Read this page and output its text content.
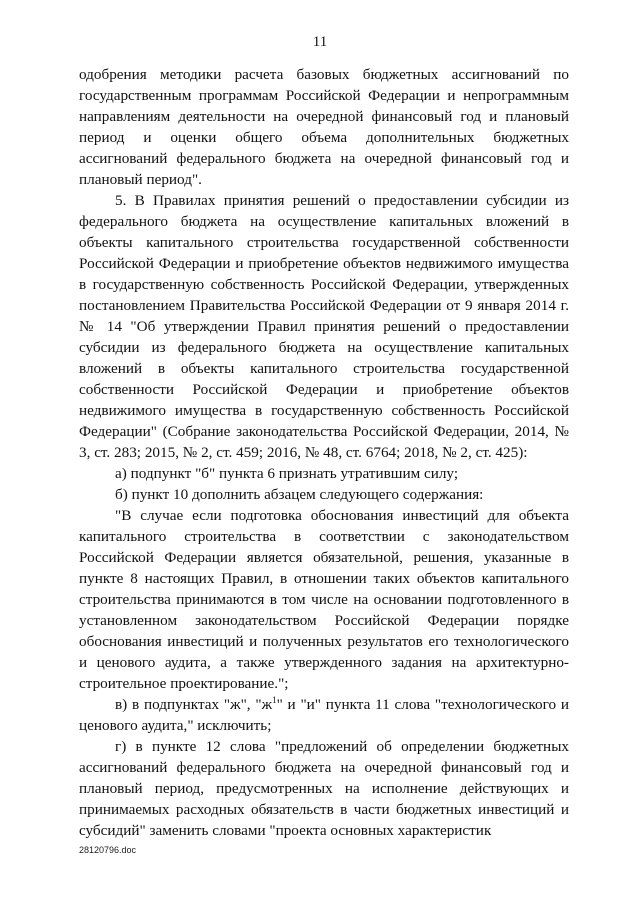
11

одобрения методики расчета базовых бюджетных ассигнований по государственным программам Российской Федерации и непрограммным направлениям деятельности на очередной финансовый год и плановый период и оценки общего объема дополнительных бюджетных ассигнований федерального бюджета на очередной финансовый год и плановый период".

5. В Правилах принятия решений о предоставлении субсидии из федерального бюджета на осуществление капитальных вложений в объекты капитального строительства государственной собственности Российской Федерации и приобретение объектов недвижимого имущества в государственную собственность Российской Федерации, утвержденных постановлением Правительства Российской Федерации от 9 января 2014 г. № 14 "Об утверждении Правил принятия решений о предоставлении субсидии из федерального бюджета на осуществление капитальных вложений в объекты капитального строительства государственной собственности Российской Федерации и приобретение объектов недвижимого имущества в государственную собственность Российской Федерации" (Собрание законодательства Российской Федерации, 2014, № 3, ст. 283; 2015, № 2, ст. 459; 2016, № 48, ст. 6764; 2018, № 2, ст. 425):

а) подпункт "б" пункта 6 признать утратившим силу;

б) пункт 10 дополнить абзацем следующего содержания:

"В случае если подготовка обоснования инвестиций для объекта капитального строительства в соответствии с законодательством Российской Федерации является обязательной, решения, указанные в пункте 8 настоящих Правил, в отношении таких объектов капитального строительства принимаются в том числе на основании подготовленного в установленном законодательством Российской Федерации порядке обоснования инвестиций и полученных результатов его технологического и ценового аудита, а также утвержденного задания на архитектурно-строительное проектирование.";

в) в подпунктах "ж", "$ж^1$" и "и" пункта 11 слова "технологического и ценового аудита," исключить;

г) в пункте 12 слова "предложений об определении бюджетных ассигнований федерального бюджета на очередной финансовый год и плановый период, предусмотренных на исполнение действующих и принимаемых расходных обязательств в части бюджетных инвестиций и субсидий" заменить словами "проекта основных характеристик

28120796.doc
